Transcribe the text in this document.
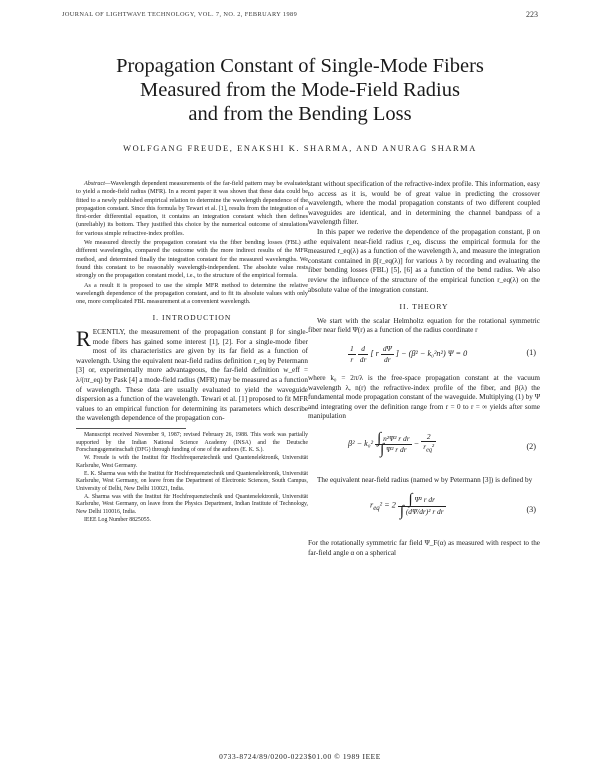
JOURNAL OF LIGHTWAVE TECHNOLOGY, VOL. 7, NO. 2, FEBRUARY 1989	223
Propagation Constant of Single-Mode Fibers
Measured from the Mode-Field Radius
and from the Bending Loss
WOLFGANG FREUDE, ENAKSHI K. SHARMA, AND ANURAG SHARMA

Abstract—Wavelength dependent measurements of the far-field pattern may be evaluated to yield a mode-field radius (MFR). In a recent paper it was shown that these data could be fitted to a newly published empirical relation to determine the wavelength dependence of the propagation constant. Since this formula by Tewari et al. [1], results from the integration of a first-order differential equation, it contains an integration constant which then defines (unreliably) its bottom. They justified this choice by the numerical outcome of simulations for various simple refractive-index profiles.

We measured directly the propagation constant via the fiber bending losses (FBL) at different wavelengths, compared the outcome with the more indirect results of the MFR method, and determined finally the integration constant for the measured wavelengths. We found this constant to be reasonably wavelength-independent. The absolute value rests strongly on the propagation constant model, i.e., to the structure of the empirical formula.

As a result it is proposed to use the simple MFR method to determine the relative wavelength dependence of the propagation constant, and to fit its absolute values with only one, more complicated FBL measurement at a convenient wavelength.

I. INTRODUCTION

RECENTLY, the measurement of the propagation constant β for single-mode fibers has gained some interest [1], [2]. For a single-mode fiber most of its characteristics are given by its far field as a function of wavelength. Using the equivalent near-field radius definition r_eq by Petermann [3] or, experimentally more advantageous, the far-field definition w_eff = λ/(πr_eq) by Pask [4] a mode-field radius (MFR) may be measured as a function of wavelength. These data are usually evaluated to yield the waveguide dispersion as a function of the wavelength. Tewari et al. [1] proposed to fit MFR values to an empirical function for determining its parameters which describe the wavelength dependence of the propagation con-

Manuscript received November 9, 1987; revised February 26, 1988. This work was partially supported by the Indian National Science Academy (INSA) and the Deutsche Forschungsgemeinschaft (DFG) through funding of one of the authors (E. K. S.).

W. Freude is with the Institut für Hochfrequenztechnik und Quantenelektronik, Universität Karlsruhe, West Germany.

E. K. Sharma was with the Institut für Hochfrequenztechnik und Quantenelektronik, Universität Karlsruhe, West Germany, on leave from the Department of Electronic Sciences, South Campus, University of Delhi, New Delhi 110021, India.

A. Sharma was with the Institut für Hochfrequenztechnik und Quantenelektronik, Universität Karlsruhe, West Germany, on leave from the Physics Department, Indian Institute of Technology, New Delhi 110016, India.

IEEE Log Number 8825055.

stant without specification of the refractive-index profile. This information, easy to access as it is, would be of great value in predicting the crossover wavelength, where the modal propagation constants of two different coupled waveguides are identical, and in determining the channel bandpass of a wavelength filter.

In this paper we rederive the dependence of the propagation constant, β on the equivalent near-field radius r_eq, discuss the empirical formula for the measured r_eq(λ) as a function of the wavelength λ, and measure the integration constant contained in β[r_eq(λ)] for various λ by recording and evaluating the fiber bending losses (FBL) [5], [6] as a function of the bend radius. We also review the influence of the structure of the empirical function r_eq(λ) on the absolute value of the integration constant.

II. THEORY

We start with the scalar Helmholtz equation for the rotational symmetric fiber near field Ψ(r) as a function of the radius coordinate r

$\frac{1}{r}$
$\frac{d}{dr}$ [ r $\frac{d\Psi}{dr}$ ] − (β² − k₀²n²) Ψ = 0	(1)

where k₀ = 2π/λ is the free-space propagation constant at the vacuum wavelength λ, n(r) the refractive-index profile of the fiber, and β(λ) the fundamental mode propagation constant of the waveguide. Multiplying (1) by Ψ and integrating over the definition range from r = 0 to r = ∞ yields after some manipulation

$\beta^2 - k_0^2 \frac{\text{∫ n²Ψ² r dr}}{\text{∫ Ψ² r dr}} - \frac{2}{r_{eq}^2}$	(2)

The equivalent near-field radius (named w by Petermann [3]) is defined by

$r_{eq}^2 = 2 \frac{\text{∫ Ψ² r dr}}{\text{∫ (dΨ/dr)² r dr}}$	(3)

For the rotationally symmetric far field Ψ_F(α) as measured with respect to the far-field angle α on a spherical

0733-8724/89/0200-0223$01.00 © 1989 IEEE
